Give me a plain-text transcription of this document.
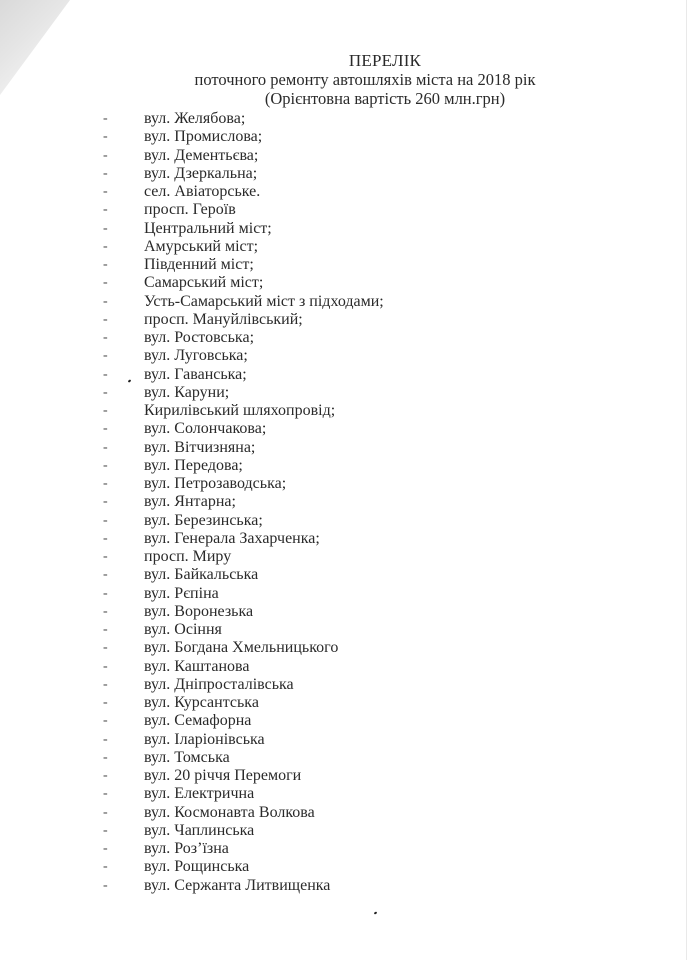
ПЕРЕЛІК
поточного ремонту автошляхів міста на 2018 рік
(Орієнтовна вартість 260 млн.грн)
- вул. Желябова;
- вул. Промислова;
- вул. Дементьєва;
- вул. Дзеркальна;
- сел. Авіаторське.
- просп. Героїв
- Центральний міст;
- Амурський міст;
- Південний міст;
- Самарський міст;
- Усть-Самарський міст з підходами;
- просп. Мануйлівський;
- вул. Ростовська;
- вул. Луговська;
- вул. Гаванська;
- вул. Каруни;
- Кирилівський шляхопровід;
- вул. Солончакова;
- вул. Вітчизняна;
- вул. Передова;
- вул. Петрозаводська;
- вул. Янтарна;
- вул. Березинська;
- вул. Генерала Захарченка;
- просп. Миру
- вул. Байкальська
- вул. Рєпіна
- вул. Воронезька
- вул. Осіння
- вул. Богдана Хмельницького
- вул. Каштанова
- вул. Дніпросталівська
- вул. Курсантська
- вул. Семафорна
- вул. Іларіонівська
- вул. Томська
- вул. 20 річчя Перемоги
- вул. Електрична
- вул. Космонавта Волкова
- вул. Чаплинська
- вул. Роз’їзна
- вул. Рощинська
- вул. Сержанта Литвищенка
